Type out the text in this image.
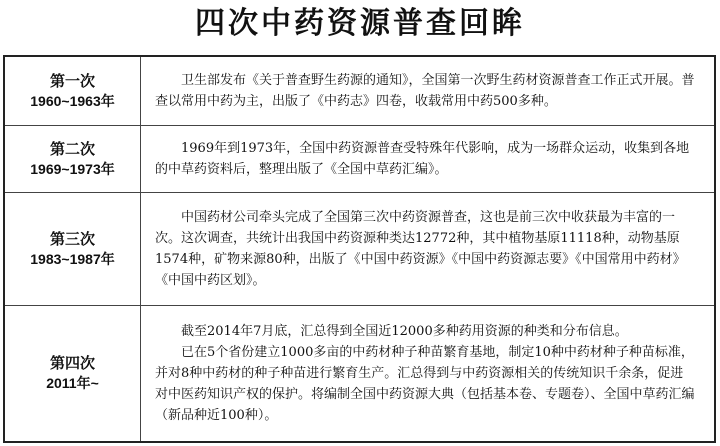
四次中药资源普查回眸
第一次
1960~1963年

卫生部发布《关于普查野生药源的通知》，全国第一次野生药材资源普查工作正式开展。普查以常用中药为主，出版了《中药志》四卷，收载常用中药500多种。

第二次
1969~1973年

1969年到1973年，全国中药资源普查受特殊年代影响，成为一场群众运动，收集到各地的中草药资料后，整理出版了《全国中草药汇编》。

第三次
1983~1987年

中国药材公司牵头完成了全国第三次中药资源普查，这也是前三次中收获最为丰富的一次。这次调查，共统计出我国中药资源种类达12772种，其中植物基原11118种，动物基原1574种，矿物来源80种，出版了《中国中药资源》《中国中药资源志要》《中国常用中药材》《中国中药区划》。

第四次
2011年~

截至2014年7月底，汇总得到全国近12000多种药用资源的种类和分布信息。

已在5个省份建立1000多亩的中药材种子种苗繁育基地，制定10种中药材种子种苗标准，并对8种中药材的种子种苗进行繁育生产。汇总得到与中药资源相关的传统知识千余条，促进对中医药知识产权的保护。将编制全国中药资源大典（包括基本卷、专题卷）、全国中草药汇编（新品种近100种）。
